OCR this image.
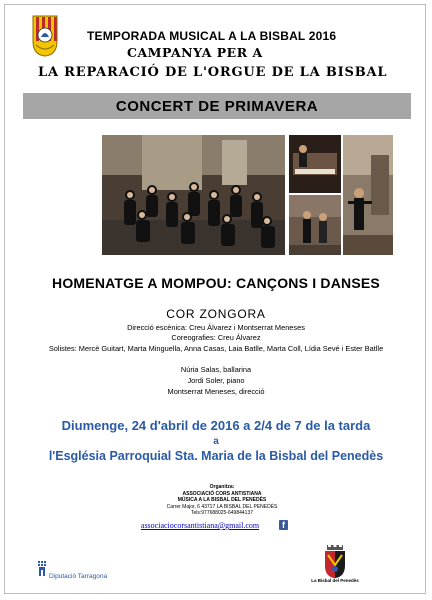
TEMPORADA MUSICAL A LA BISBAL 2016
CAMPANYA PER A
LA REPARACIÓ DE L'ORGUE DE LA BISBAL
CONCERT DE PRIMAVERA
HOMENATGE A MOMPOU: CANÇONS I DANSES
COR ZONGORA
Direcció escènica: Creu Álvarez i Montserrat Meneses
Coreografies: Creu Álvarez
Solistes: Mercè Guitart, Marta Minguella, Anna Casas, Laia Batlle, Marta Coll, Lídia Sevé i Ester Batlle
Núria Salas, ballarina
Jordi Soler, piano
Montserrat Meneses, direcció
Diumenge, 24 d'abril de 2016 a 2/4 de 7 de la tarda
a
l'Església Parroquial Sta. Maria de la Bisbal del Penedès
Organitza:
ASSOCIACIÓ CORS ANTISTIANA
MÚSICA A LA BISBAL DEL PENEDÈS
Carrer Major, 6 43717 LA BISBAL DEL PENEDÈS
Tels:977688025-649844137
associaciocorsantistiana@gmail.com	f
Diputació Tarragona
La Bisbal del Penedès
